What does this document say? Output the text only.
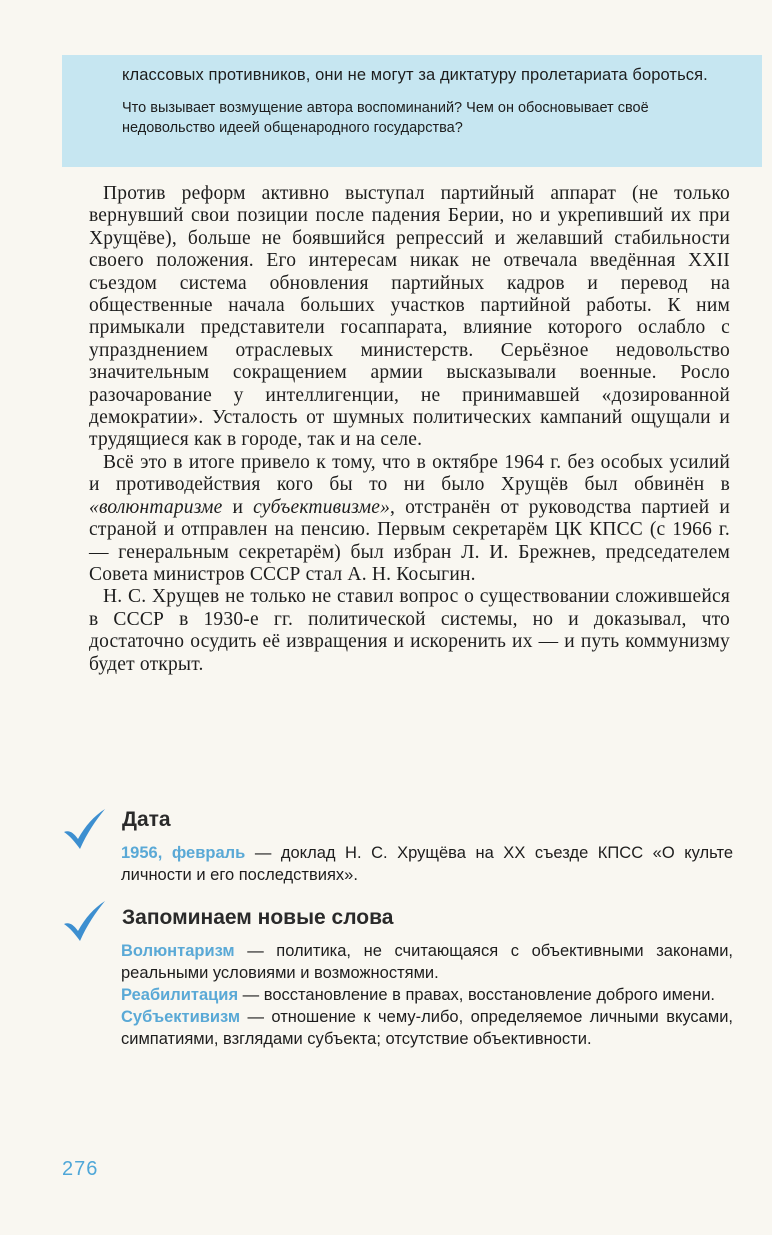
классовых противников, они не могут за диктатуру пролетариата бороться.

Что вызывает возмущение автора воспоминаний? Чем он обосновывает своё недовольство идеей общенародного государства?

Против реформ активно выступал партийный аппарат (не только вернувший свои позиции после падения Берии, но и укрепивший их при Хрущёве), больше не боявшийся репрессий и желавший стабильности своего положения. Его интересам никак не отвечала введённая XXII съездом система обновления партийных кадров и перевод на общественные начала больших участков партийной работы. К ним примыкали представители госаппарата, влияние которого ослабло с упразднением отраслевых министерств. Серьёзное недовольство значительным сокращением армии высказывали военные. Росло разочарование у интеллигенции, не принимавшей «дозированной демократии». Усталость от шумных политических кампаний ощущали и трудящиеся как в городе, так и на селе.

Всё это в итоге привело к тому, что в октябре 1964 г. без особых усилий и противодействия кого бы то ни было Хрущёв был обвинён в «волюнтаризме и субъективизме», отстранён от руководства партией и страной и отправлен на пенсию. Первым секретарём ЦК КПСС (с 1966 г. — генеральным секретарём) был избран Л. И. Брежнев, председателем Совета министров СССР стал А. Н. Косыгин.

Н. С. Хрущев не только не ставил вопрос о существовании сложившейся в СССР в 1930-е гг. политической системы, но и доказывал, что достаточно осудить её извращения и искоренить их — и путь коммунизму будет открыт.

Дата

1956, февраль — доклад Н. С. Хрущёва на XX съезде КПСС «О культе личности и его последствиях».

Запоминаем новые слова

Волюнтаризм — политика, не считающаяся с объективными законами, реальными условиями и возможностями.

Реабилитация — восстановление в правах, восстановление доброго имени.

Субъективизм — отношение к чему-либо, определяемое личными вкусами, симпатиями, взглядами субъекта; отсутствие объективности.

276
